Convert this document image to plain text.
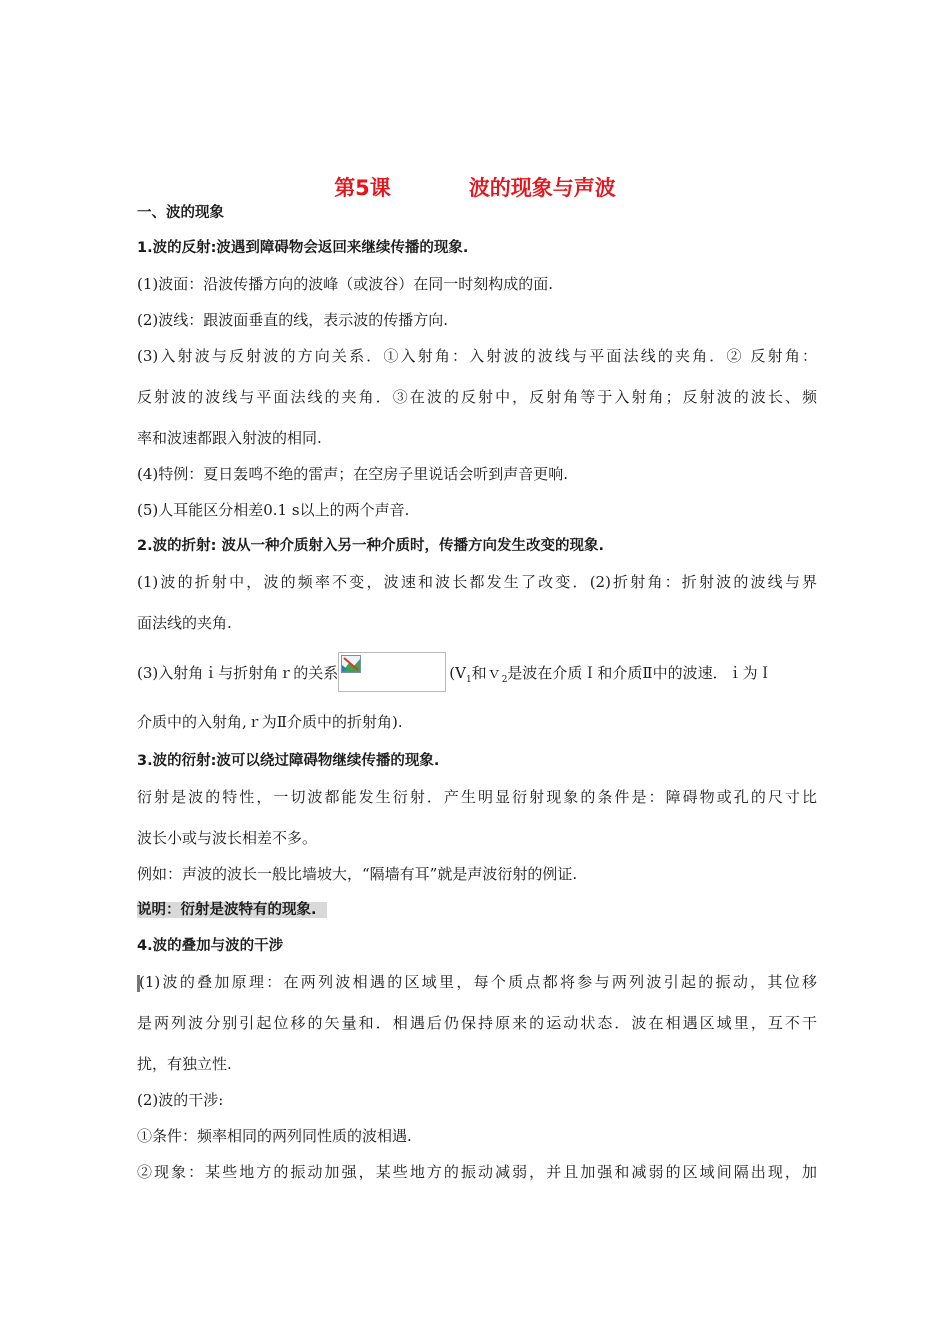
第5课	波的现象与声波
一、波的现象
1.波的反射:波遇到障碍物会返回来继续传播的现象.
(1)波面：沿波传播方向的波峰（或波谷）在同一时刻构成的面.
(2)波线：跟波面垂直的线，表示波的传播方向.
(3)入射波与反射波的方向关系．①入射角：入射波的波线与平面法线的夹角．② 反射角：
反射波的波线与平面法线的夹角．③在波的反射中，反射角等于入射角；反射波的波长、频
率和波速都跟入射波的相同.
(4)特例：夏日轰鸣不绝的雷声；在空房子里说话会听到声音更响.
(5)人耳能区分相差0.1 s以上的两个声音.
2.波的折射: 波从一种介质射入另一种介质时，传播方向发生改变的现象.
(1)波的折射中，波的频率不变，波速和波长都发生了改变．(2)折射角：折射波的波线与界
面法线的夹角.
(3)入射角ｉ与折射角ｒ的关系	($V_1$和ｖ$_2$是波在介质Ｉ和介质Ⅱ中的波速．ｉ为Ｉ
介质中的入射角,ｒ为Ⅱ介质中的折射角).
3.波的衍射:波可以绕过障碍物继续传播的现象.
衍射是波的特性，一切波都能发生衍射．产生明显衍射现象的条件是：障碍物或孔的尺寸比
波长小或与波长相差不多。
例如：声波的波长一般比墙坡大，“隔墙有耳”就是声波衍射的例证.
说明：衍射是波特有的现象.
4.波的叠加与波的干涉
(1)波的叠加原理：在两列波相遇的区域里，每个质点都将参与两列波引起的振动，其位移
是两列波分别引起位移的矢量和．相遇后仍保持原来的运动状态．波在相遇区域里，互不干
扰，有独立性.
(2)波的干涉:
①条件：频率相同的两列同性质的波相遇.
②现象：某些地方的振动加强，某些地方的振动减弱，并且加强和减弱的区域间隔出现，加
